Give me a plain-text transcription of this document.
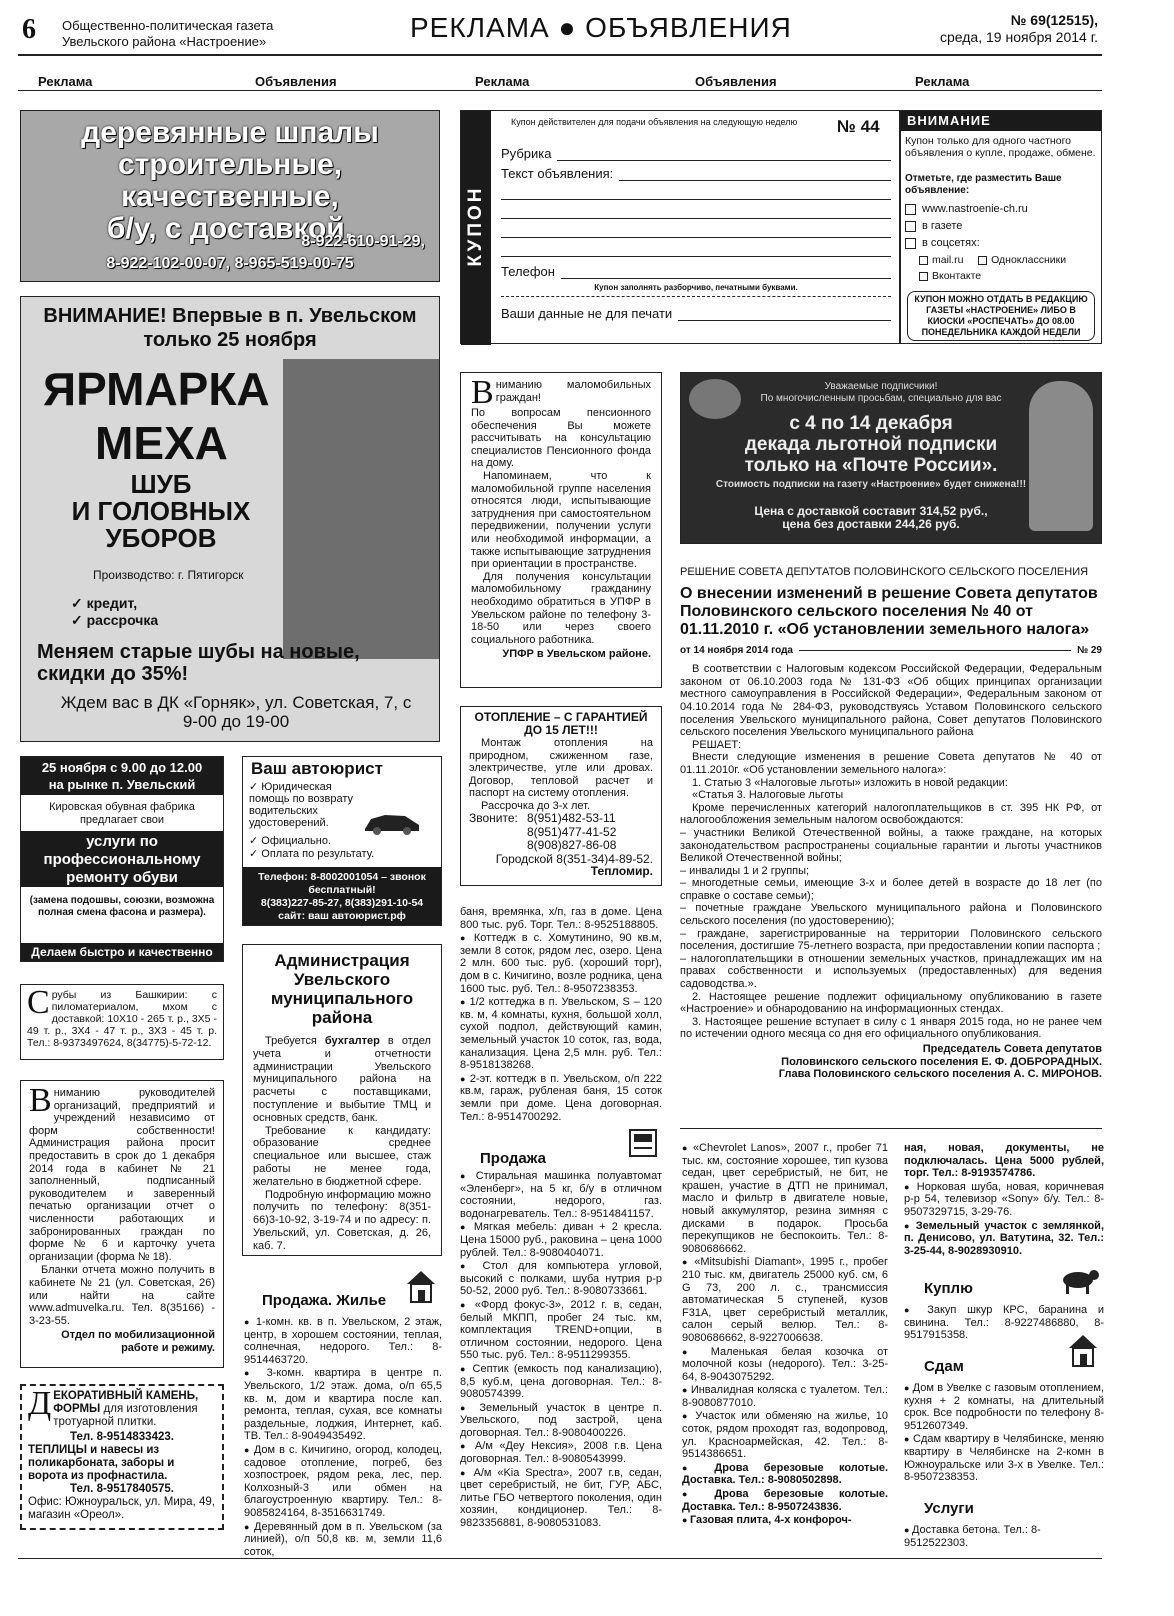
6 Общественно-политическая газета
Увельского района «Настроение»	РЕКЛАМА ● ОБЪЯВЛЕНИЯ	№ 69(12515),
среда, 19 ноября 2014 г.
Реклама	Объявления	Реклама	Объявления	Реклама
деревянные шпалы
строительные,
качественные,
б/у, с доставкой.
8-922-610-91-29,
8-922-102-00-07, 8-965-519-00-75
ВНИМАНИЕ! Впервые в п. Увельском
только 25 ноября
ЯРМАРКА
МЕХА
ШУБ
И ГОЛОВНЫХ
УБОРОВ
Производство: г. Пятигорск
✓ кредит,
✓ рассрочка
Меняем старые шубы на новые, скидки до 35%!
Ждем вас в ДК «Горняк», ул. Советская, 7, с 9-00 до 19-00
25 ноября с 9.00 до 12.00
на рынке п. Увельский
Кировская обувная фабрика
предлагает свои
услуги по профессиональному ремонту обуви
(замена подошвы, союзки, возможна полная смена фасона и размера).
Делаем быстро и качественно
Ваш автоюрист
✓ Юридическая помощь по возврату водительских удостоверений.
✓ Официально.
✓ Оплата по результату.
Телефон: 8-8002001054 – звонок бесплатный!
8(383)227-85-27, 8(383)291-10-54
сайт: ваш автоюрист.рф
Срубы из Башкирии: с пиломатериалом, мхом с доставкой: 10Х10 - 265 т. р., 3Х5 - 49 т. р., 3Х4 - 47 т. р., 3Х3 - 45 т. р. Тел.: 8-9373497624, 8(34775)-5-72-12.
Вниманию руководителей организаций, предприятий и учреждений независимо от форм собственности! Администрация района просит предоставить в срок до 1 декабря 2014 года в кабинет № 21 заполненный, подписанный руководителем и заверенный печатью организации отчет о численности работающих и забронированных граждан по форме № 6 и карточку учета организации (форма № 18).
Бланки отчета можно получить в кабинете № 21 (ул. Советская, 26) или найти на сайте www.admuvelka.ru. Тел. 8(35166) - 3-23-55.
Отдел по мобилизационной работе и режиму.
ДЕКОРАТИВНЫЙ КАМЕНЬ, ФОРМЫ для изготовления тротуарной плитки.
Тел. 8-9514833423.
ТЕПЛИЦЫ и навесы из поликарбоната, заборы и ворота из профнастила.
Тел. 8-9517840575.
Офис: Южноуральск, ул. Мира, 49, магазин «Ореол».
Администрация Увельского муниципального района
Требуется бухгалтер в отдел учета и отчетности администрации Увельского муниципального района на расчеты с поставщиками, поступление и выбытие ТМЦ и основных средств, банк.
Требование к кандидату: образование среднее специальное или высшее, стаж работы не менее года, желательно в бюджетной сфере.
Подробную информацию можно получить по телефону: 8(351-66)3-10-92, 3-19-74 и по адресу: п. Увельский, ул. Советская, д. 26, каб. 7.
Продажа. Жилье
● 1-комн. кв. в п. Увельском, 2 этаж, центр, в хорошем состоянии, теплая, солнечная, недорого. Тел.: 8-9514463720.
● 3-комн. квартира в центре п. Увельского, 1/2 этаж. дома, о/п 65,5 кв. м, дом и квартира после кап. ремонта, теплая, сухая, все комнаты раздельные, лоджия, Интернет, каб. ТВ. Тел.: 8-9049435492.
● Дом в с. Кичигино, огород, колодец, садовое отопление, погреб, без хозпостроек, рядом река, лес, пер. Колхозный-3 или обмен на благоустроенную квартиру. Тел.: 8-9085824164, 8-3516631749.
● Деревянный дом в п. Увельском (за линией), о/п 50,8 кв. м, земли 11,6 соток,
КУПОН
Купон действителен для подачи объявления на следующую неделю № 44
Рубрика
Текст объявления:
Телефон
Купон заполнять разборчиво, печатными буквами.
Ваши данные не для печати
ВНИМАНИЕ
Купон только для одного частного объявления о купле, продаже, обмене.
Отметьте, где разместить Ваше объявление:
www.nastroenie-ch.ru
в газете
в соцсетях:
mail.ru	Одноклассники
Вконтакте
КУПОН МОЖНО ОТДАТЬ В РЕДАКЦИЮ ГАЗЕТЫ «НАСТРОЕНИЕ» ЛИБО В КИОСКИ «РОСПЕЧАТЬ» ДО 08.00 ПОНЕДЕЛЬНИКА КАЖДОЙ НЕДЕЛИ
Вниманию маломобильных граждан!
По вопросам пенсионного обеспечения Вы можете рассчитывать на консультацию специалистов Пенсионного фонда на дому.
Напоминаем, что к маломобильной группе населения относятся люди, испытывающие затруднения при самостоятельном передвижении, получении услуги или необходимой информации, а также испытывающие затруднения при ориентации в пространстве.
Для получения консультации маломобильному гражданину необходимо обратиться в УПФР в Увельском районе по телефону 3-18-50 или через своего социального работника.
УПФР в Увельском районе.
ОТОПЛЕНИЕ – С ГАРАНТИЕЙ ДО 15 ЛЕТ!!!
Монтаж отопления на природном, сжиженном газе, электричестве, угле или дровах. Договор, тепловой расчет и паспорт на систему отопления.
Рассрочка до 3-х лет.
Звоните: 8(951)482-53-11
8(951)477-41-52
8(908)827-86-08
Городской 8(351-34)4-89-52.
Тепломир.
Уважаемые подписчики!
По многочисленным просьбам, специально для вас
с 4 по 14 декабря
декада льготной подписки
только на «Почте России».
Стоимость подписки на газету «Настроение» будет снижена!!!
Цена с доставкой составит 314,52 руб.,
цена без доставки 244,26 руб.
РЕШЕНИЕ СОВЕТА ДЕПУТАТОВ ПОЛОВИНСКОГО СЕЛЬСКОГО ПОСЕЛЕНИЯ
О внесении изменений в решение Совета депутатов Половинского сельского поселения № 40 от 01.11.2010 г. «Об установлении земельного налога»
от 14 ноября 2014 года	№ 29
В соответствии с Налоговым кодексом Российской Федерации, Федеральным законом от 06.10.2003 года № 131-ФЗ «Об общих принципах организации местного самоуправления в Российской Федерации», Федеральным законом от 04.10.2014 года № 284-ФЗ, руководствуясь Уставом Половинского сельского поселения Увельского муниципального района, Совет депутатов Половинского сельского поселения Увельского муниципального района
РЕШАЕТ:
Внести следующие изменения в решение Совета депутатов № 40 от 01.11.2010г. «Об установлении земельного налога»:
1. Статью 3 «Налоговые льготы» изложить в новой редакции:
«Статья 3. Налоговые льготы
Кроме перечисленных категорий налогоплательщиков в ст. 395 НК РФ, от налогообложения земельным налогом освобождаются:
– участники Великой Отечественной войны, а также граждане, на которых законодательством распространены социальные гарантии и льготы участников Великой Отечественной войны;
– инвалиды 1 и 2 группы;
– многодетные семьи, имеющие 3-х и более детей в возрасте до 18 лет (по справке о составе семьи);
– почетные граждане Увельского муниципального района и Половинского сельского поселения (по удостоверению);
– граждане, зарегистрированные на территории Половинского сельского поселения, достигшие 75-летнего возраста, при предоставлении копии паспорта ;
– налогоплательщики в отношении земельных участков, принадлежащих им на правах собственности и используемых (предоставленных) для ведения садоводства.».
2. Настоящее решение подлежит официальному опубликованию в газете «Настроение» и обнародованию на информационных стендах.
3. Настоящее решение вступает в силу с 1 января 2015 года, но не ранее чем по истечении одного месяца со дня его официального опубликования.
Председатель Совета депутатов
Половинского сельского поселения Е. Ф. ДОБРОРАДНЫХ.
Глава Половинского сельского поселения А. С. МИРОНОВ.
баня, времянка, х/п, газ в доме. Цена 800 тыс. руб. Торг. Тел.: 8-9525188805.
● Коттедж в с. Хомутинино, 90 кв.м, земли 8 соток, рядом лес, озеро. Цена 2 млн. 600 тыс. руб. (хороший торг), дом в с. Кичигино, возле родника, цена 1600 тыс. руб. Тел.: 8-9507238353.
● 1/2 коттеджа в п. Увельском, S – 120 кв. м, 4 комнаты, кухня, большой холл, сухой подпол, действующий камин, земельный участок 10 соток, газ, вода, канализация. Цена 2,5 млн. руб. Тел.: 8-9518138268.
● 2-эт. коттедж в п. Увельском, о/п 222 кв.м, гараж, рубленая баня, 15 соток земли при доме. Цена договорная. Тел.: 8-9514700292.
Продажа
● Стиральная машинка полуавтомат «Эленберг», на 5 кг, б/у в отличном состоянии, недорого, газ. водонагреватель. Тел.: 8-9514841157.
● Мягкая мебель: диван + 2 кресла. Цена 15000 руб., раковина – цена 1000 рублей. Тел.: 8-9080404071.
● Стол для компьютера угловой, высокий с полками, шуба нутрия р-р 50-52, 2000 руб. Тел.: 8-9080733661.
● «Форд фокус-3», 2012 г. в, седан, белый МКПП, пробег 24 тыс. км, комплектация TREND+опции, в отличном состоянии, недорого. Цена 550 тыс. руб. Тел.: 8-9511299355.
● Септик (емкость под канализацию), 8,5 куб.м, цена договорная. Тел.: 8-9080574399.
● Земельный участок в центре п. Увельского, под застрой, цена договорная. Тел.: 8-9080400226.
● А/м «Деу Нексия», 2008 г.в. Цена договорная. Тел.: 8-9080543999.
● А/м «Kia Spectra», 2007 г.в, седан, цвет серебристый, не бит, ГУР, АБС, литье ГБО четвертого поколения, один хозяин, кондиционер. Тел.: 8-9823356881, 8-9080531083.
● «Chevrolet Lanos», 2007 г., пробег 71 тыс. км, состояние хорошее, тип кузова седан, цвет серебристый, не бит, не крашен, участие в ДТП не принимал, масло и фильтр в двигателе новые, новый аккумулятор, резина зимняя с дисками в подарок. Просьба перекупщиков не беспокоить. Тел.: 8-9080686662.
● «Mitsubishi Diamant», 1995 г., пробег 210 тыс. км, двигатель 25000 куб. см, 6 G 73, 200 л. с., трансмиссия автоматическая 5 ступеней, кузов F31A, цвет серебристый металлик, салон серый велюр. Тел.: 8-9080686662, 8-9227006638.
● Маленькая белая козочка от молочной козы (недорого). Тел.: 3-25-64, 8-9043075292.
● Инвалидная коляска с туалетом. Тел.: 8-9080877010.
● Участок или обменяю на жилье, 10 соток, рядом проходят газ, водопровод, ул. Красноармейская, 42. Тел.: 8-9514386651.
● Дрова березовые колотые. Доставка. Тел.: 8-9080502898.
● Дрова березовые колотые. Доставка. Тел.: 8-9507243836.
● Газовая плита, 4-х конфороч-
ная, новая, документы, не подключалась. Цена 5000 рублей, торг. Тел.: 8-9193574786.
● Норковая шуба, новая, коричневая р-р 54, телевизор «Sony» б/у. Тел.: 8-9507329715, 3-29-76.
● Земельный участок с землянкой, п. Денисово, ул. Ватутина, 32. Тел.: 3-25-44, 8-9028930910.
Куплю
● Закуп шкур КРС, баранина и свинина. Тел.: 8-9227486880, 8-9517915358.
Сдам
● Дом в Увелке с газовым отоплением, кухня + 2 комнаты, на длительный срок. Все подробности по телефону 8-9512607349.
● Сдам квартиру в Челябинске, меняю квартиру в Челябинске на 2-комн в Южноуральске или 3-х в Увелке. Тел.: 8-9507238353.
Услуги
● Доставка бетона. Тел.: 8-9512522303.
